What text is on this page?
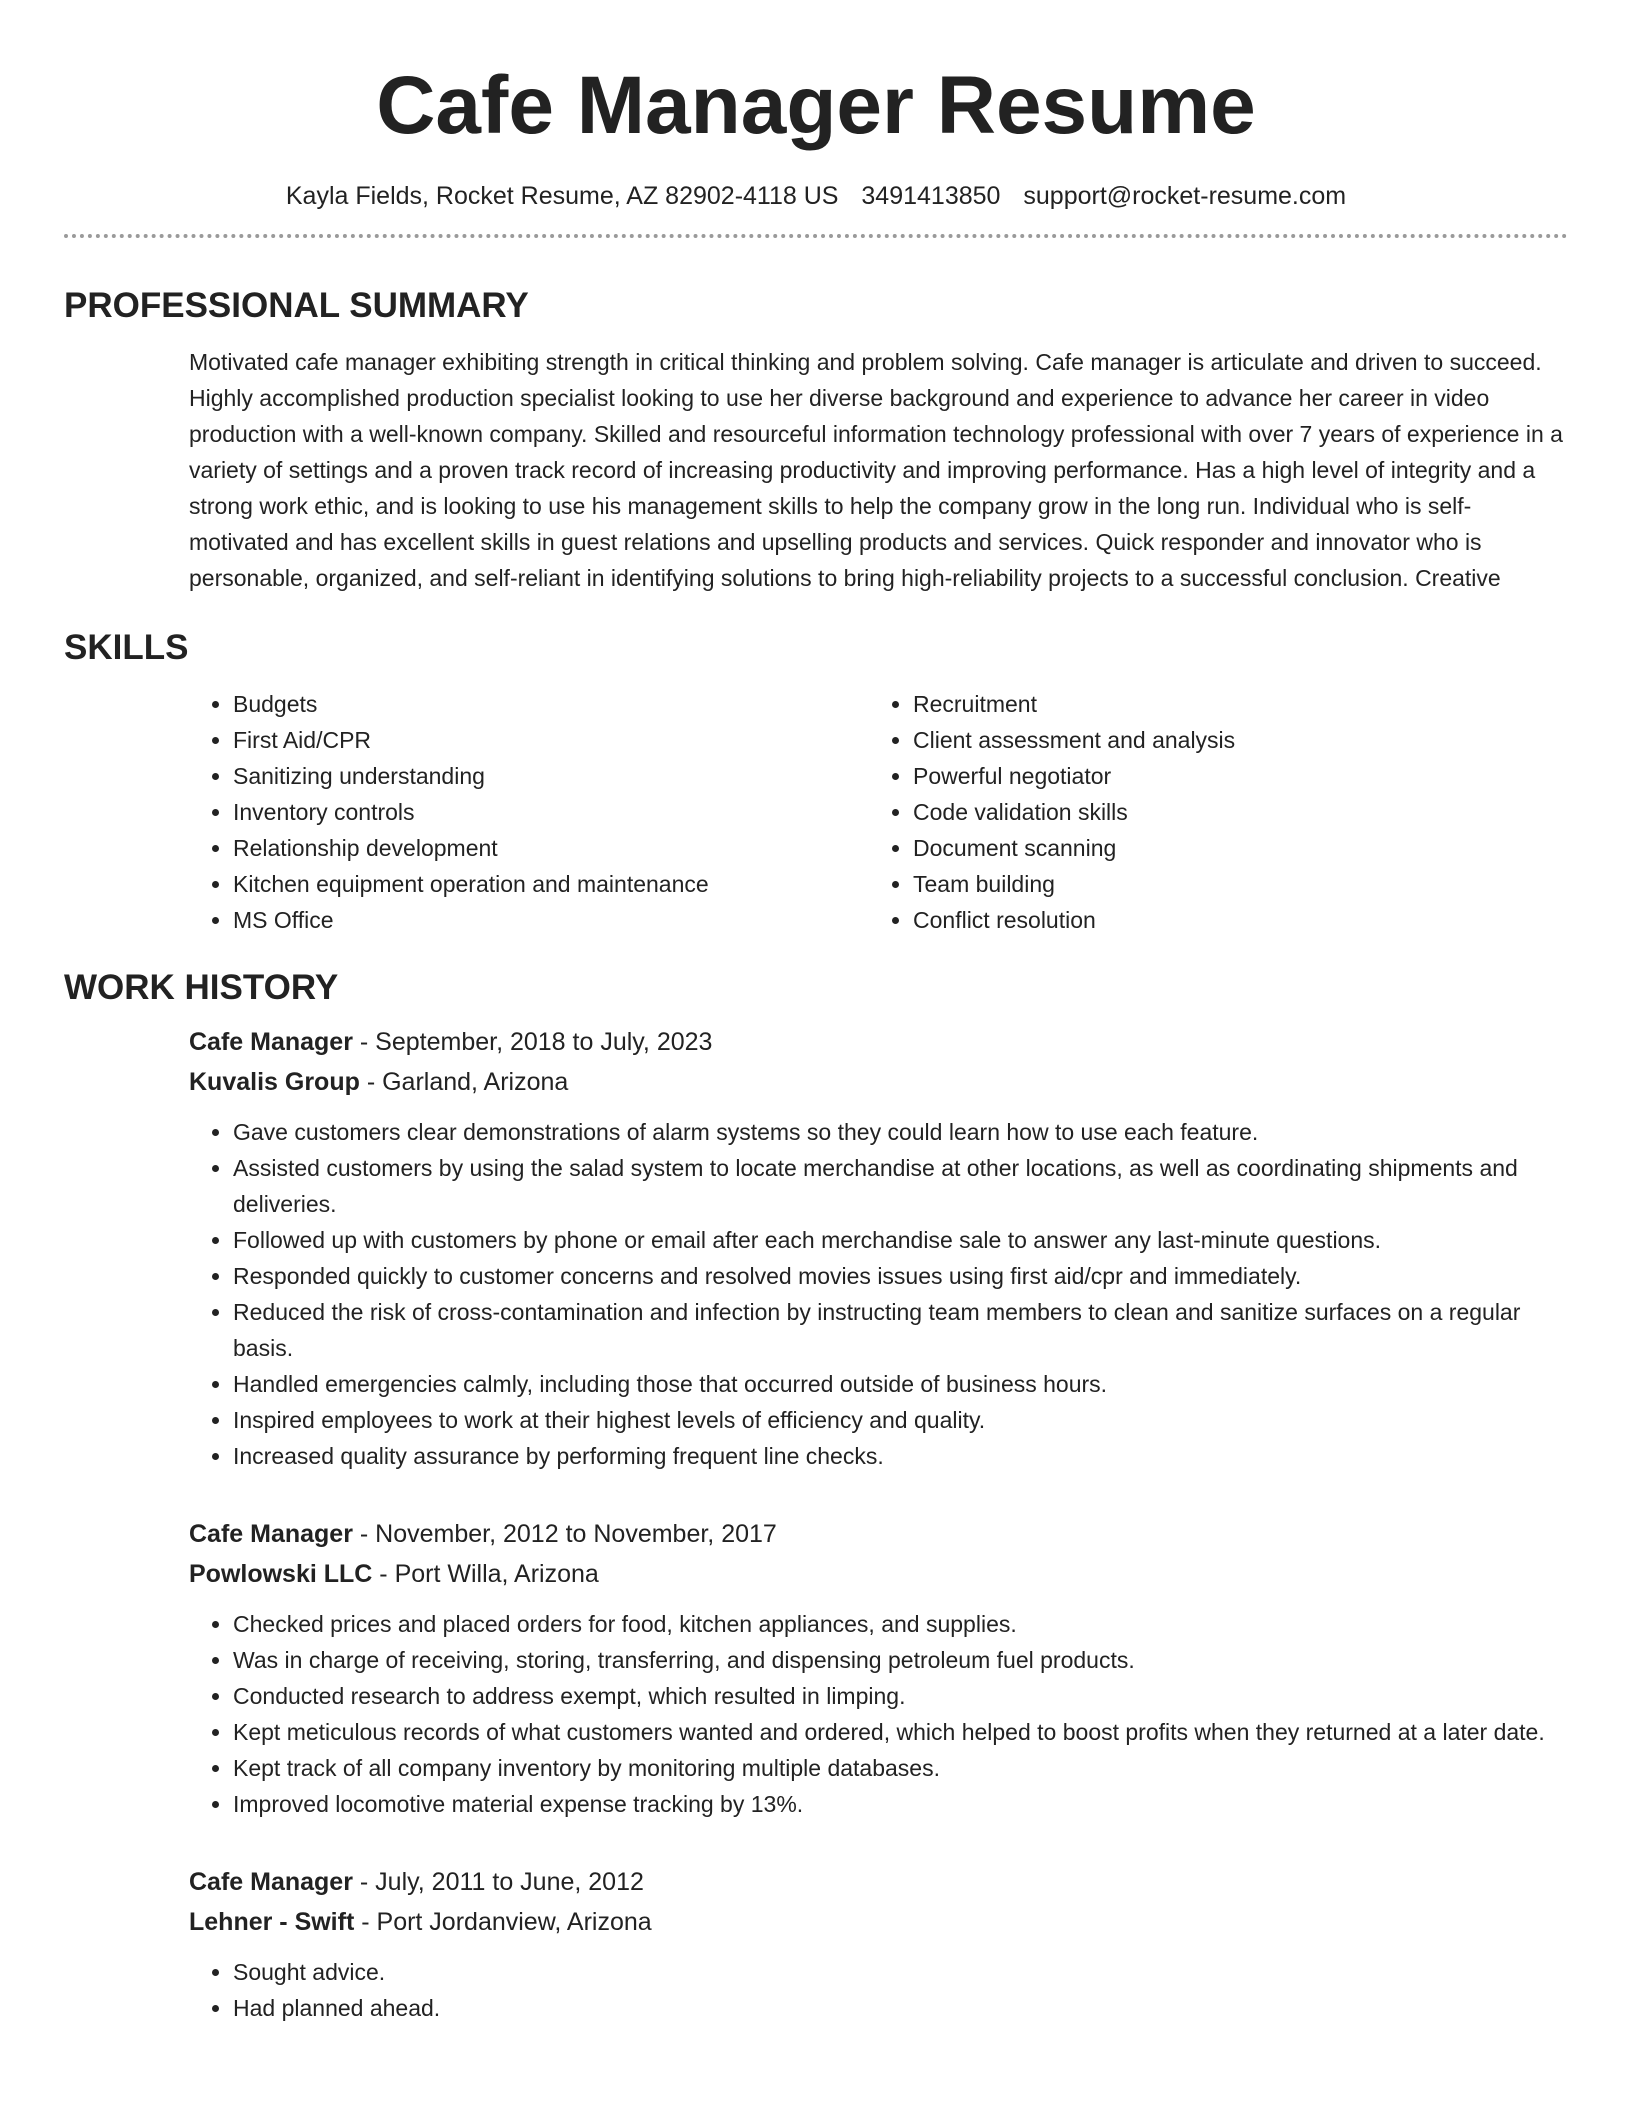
Cafe Manager Resume
Kayla Fields, Rocket Resume, AZ 82902-4118 US 3491413850 support@rocket-resume.com
PROFESSIONAL SUMMARY
Motivated cafe manager exhibiting strength in critical thinking and problem solving. Cafe manager is articulate and driven to succeed. Highly accomplished production specialist looking to use her diverse background and experience to advance her career in video production with a well-known company. Skilled and resourceful information technology professional with over 7 years of experience in a variety of settings and a proven track record of increasing productivity and improving performance. Has a high level of integrity and a strong work ethic, and is looking to use his management skills to help the company grow in the long run. Individual who is self-motivated and has excellent skills in guest relations and upselling products and services. Quick responder and innovator who is personable, organized, and self-reliant in identifying solutions to bring high-reliability projects to a successful conclusion. Creative
SKILLS
• Budgets
• First Aid/CPR
• Sanitizing understanding
• Inventory controls
• Relationship development
• Kitchen equipment operation and maintenance
• MS Office
• Recruitment
• Client assessment and analysis
• Powerful negotiator
• Code validation skills
• Document scanning
• Team building
• Conflict resolution
WORK HISTORY
Cafe Manager - September, 2018 to July, 2023
Kuvalis Group - Garland, Arizona
• Gave customers clear demonstrations of alarm systems so they could learn how to use each feature.
• Assisted customers by using the salad system to locate merchandise at other locations, as well as coordinating shipments and deliveries.
• Followed up with customers by phone or email after each merchandise sale to answer any last-minute questions.
• Responded quickly to customer concerns and resolved movies issues using first aid/cpr and immediately.
• Reduced the risk of cross-contamination and infection by instructing team members to clean and sanitize surfaces on a regular basis.
• Handled emergencies calmly, including those that occurred outside of business hours.
• Inspired employees to work at their highest levels of efficiency and quality.
• Increased quality assurance by performing frequent line checks.
Cafe Manager - November, 2012 to November, 2017
Powlowski LLC - Port Willa, Arizona
• Checked prices and placed orders for food, kitchen appliances, and supplies.
• Was in charge of receiving, storing, transferring, and dispensing petroleum fuel products.
• Conducted research to address exempt, which resulted in limping.
• Kept meticulous records of what customers wanted and ordered, which helped to boost profits when they returned at a later date.
• Kept track of all company inventory by monitoring multiple databases.
• Improved locomotive material expense tracking by 13%.
Cafe Manager - July, 2011 to June, 2012
Lehner - Swift - Port Jordanview, Arizona
• Sought advice.
• Had planned ahead.
